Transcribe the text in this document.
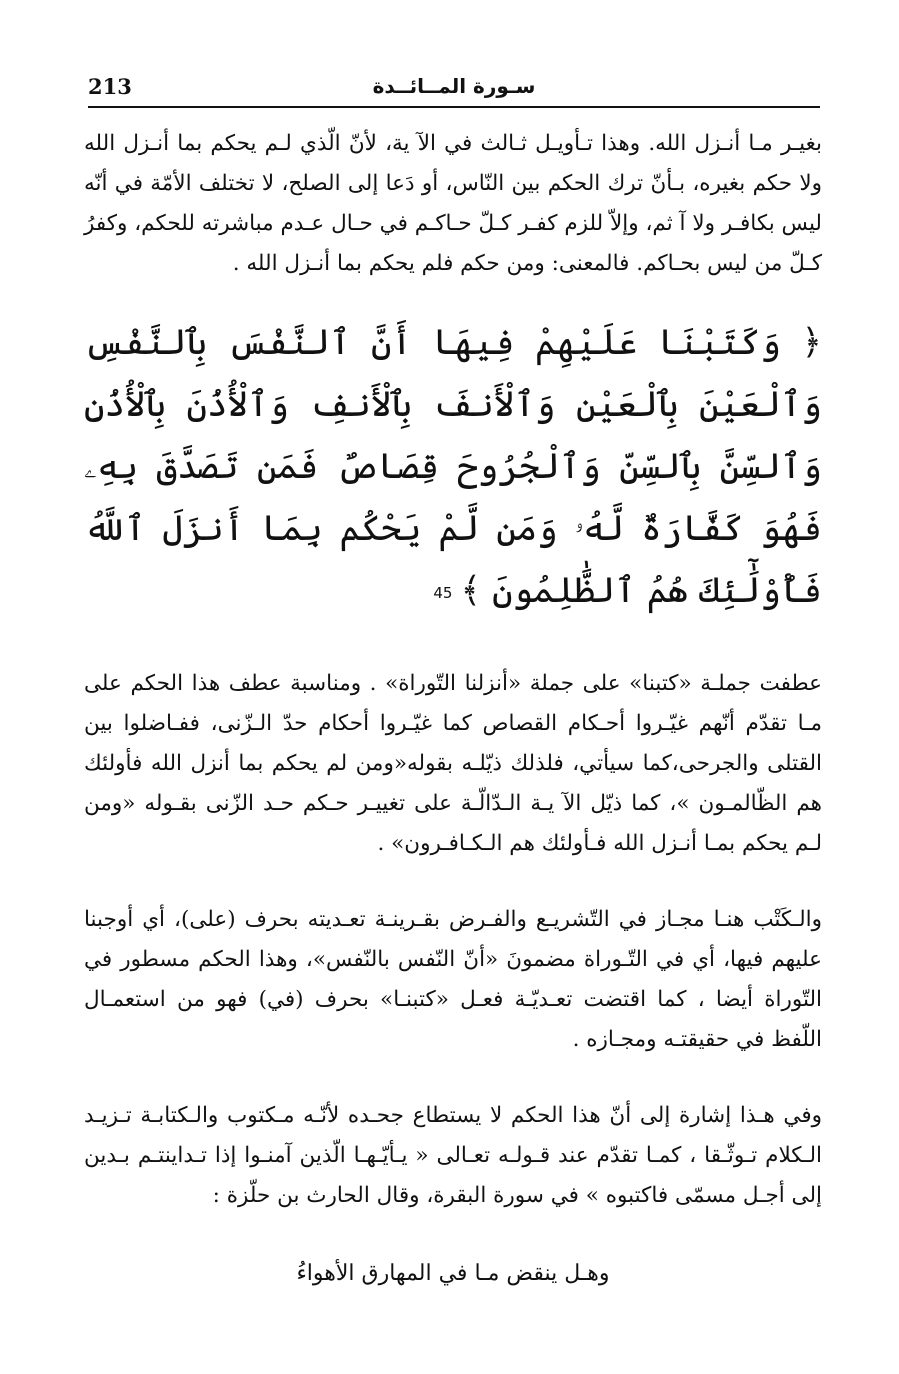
213	سـورة المــائــدة

بغيـر مـا أنـزل الله. وهذا تـأويـل ثـالث في الآ ية، لأنّ الّذي لـم يحكم بما أنـزل الله ولا حكم بغيره، بـأنّ ترك الحكم بين النّاس، أو دَعا إلى الصلح، لا تختلف الأمّة في أنّه ليس بكافـر ولا آ ثم، وإلاّ للزم كفـر كـلّ حـاكـم في حـال عـدم مباشرته للحكم، وكفرُ كـلّ من ليس بحـاكم. فالمعنى: ومن حكم فلم يحكم بما أنـزل الله .

﴿ وَكَتَبْنَا عَلَيْهِمْ فِيهَا أَنَّ ٱلنَّفْسَ بِٱلنَّفْسِ وَٱلْعَيْنَ بِٱلْعَيْنِ وَٱلْأَنفَ بِٱلْأَنفِ وَٱلْأُذُنَ بِٱلْأُذُنِ وَٱلسِّنَّ بِٱلسِّنِّ وَٱلْجُرُوحَ قِصَاصٌ فَمَن تَصَدَّقَ بِهِۦ فَهُوَ كَفَّارَةٌ لَّهُۥ وَمَن لَّمْ يَحْكُم بِمَا أَنزَلَ ٱللَّهُ فَأُوْلَٰٓئِكَ هُمُ ٱلظَّٰلِمُونَ ﴾45

عطفت جملـة «كتبنا» على جملة «أنزلنا التّوراة» . ومناسبة عطف هذا الحكم على مـا تقدّم أنّهم غيّـروا أحـكام القصاص كما غيّـروا أحكام حدّ الـزّنى، ففـاضلوا بين القتلى والجرحى،كما سيأتي، فلذلك ذيّلـه بقوله«ومن لم يحكم بما أنزل الله فأولئك هم الظّالمـون »، كما ذيّل الآ يـة الـدّالّـة على تغييـر حـكم حـد الزّنى بقـوله «ومن لـم يحكم بمـا أنـزل الله فـأولئك هم الـكـافـرون» .

والـكَتْب هنـا مجـاز في التّشريـع والفـرض بقـرينـة تعـديته بحرف (على)، أي أوجبنا عليهم فيها، أي في التّـوراة مضمونَ «أنّ النّفس بالنّفس»، وهذا الحكم مسطور في التّوراة أيضا ، كما اقتضت تعـديّـة فعـل «كتبنـا» بحرف (في) فهو من استعمـال اللّفظ في حقيقتـه ومجـازه .

وفي هـذا إشارة إلى أنّ هذا الحكم لا يستطاع جحـده لأنّـه مـكتوب والـكتابـة تـزيـد الـكلام تـوثّـقا ، كمـا تقدّم عند قـولـه تعـالى « يـأيّـهـا الّذين آمنـوا إذا تـداينتـم بـدين إلى أجـل مسمّى فاكتبوه » في سورة البقرة، وقال الحارث بن حلّزة :

وهـل ينقض مـا في المهارق الأهواءُ
